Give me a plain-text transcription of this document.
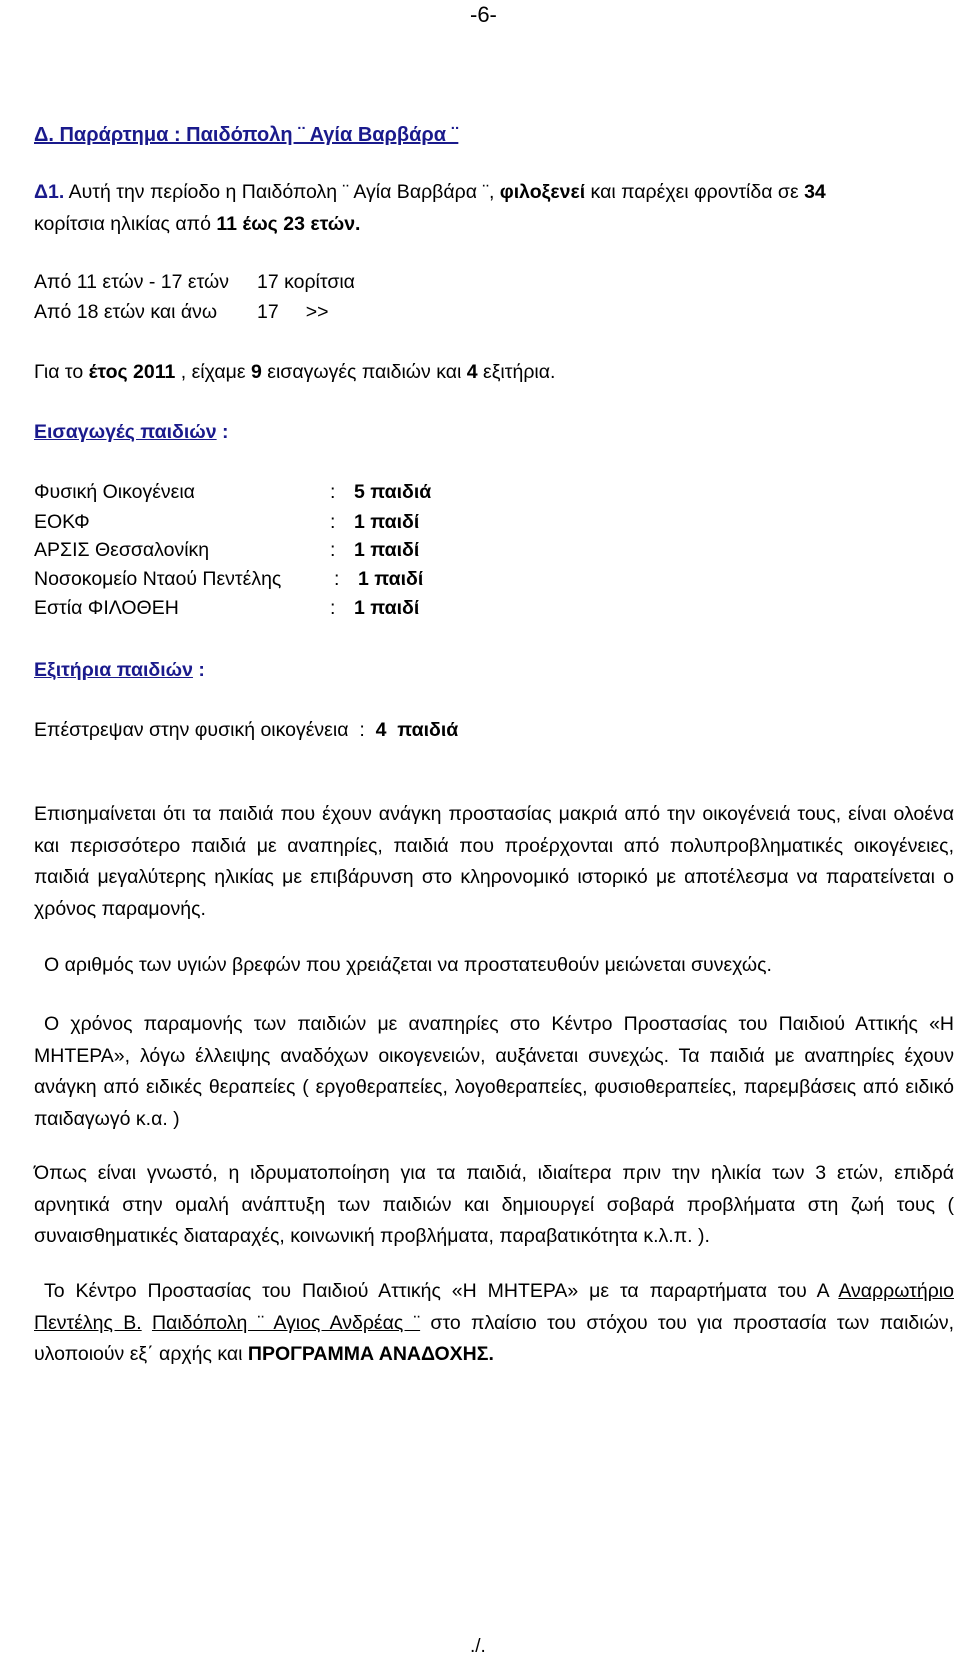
-6-
Δ. Παράρτημα : Παιδόπολη ¨ Αγία Βαρβάρα ¨
Δ1. Αυτή την περίοδο η Παιδόπολη ¨ Αγία Βαρβάρα ¨, φιλοξενεί και παρέχει φροντίδα σε 34
κορίτσια ηλικίας από 11 έως 23 ετών.
Από 11 ετών - 17 ετών 17 κορίτσια
Από 18 ετών και άνω 17     >>
Για το έτος 2011 , είχαμε 9 εισαγωγές παιδιών και 4 εξιτήρια.
Εισαγωγές παιδιών :
Φυσική Οικογένεια	: 5 παιδιά
ΕΟΚΦ	: 1 παιδί
ΑΡΣΙΣ Θεσσαλονίκη	: 1 παιδί
Νοσοκομείο Νταού Πεντέλης	: 1 παιδί
Εστία ΦΙΛΟΘΕΗ	: 1 παιδί
Εξιτήρια παιδιών :
Επέστρεψαν στην φυσική οικογένεια  :  4  παιδιά
Επισημαίνεται ότι τα παιδιά που έχουν ανάγκη προστασίας μακριά από την οικογένειά τους, είναι ολοένα και περισσότερο παιδιά με αναπηρίες, παιδιά που προέρχονται από πολυπροβληματικές οικογένειες, παιδιά μεγαλύτερης ηλικίας με επιβάρυνση στο κληρονομικό ιστορικό με αποτέλεσμα να παρατείνεται ο χρόνος παραμονής.
Ο αριθμός των υγιών βρεφών που χρειάζεται να προστατευθούν μειώνεται συνεχώς.
Ο χρόνος παραμονής των παιδιών με αναπηρίες στο Κέντρο Προστασίας του Παιδιού Αττικής «Η ΜΗΤΕΡΑ», λόγω έλλειψης αναδόχων οικογενειών, αυξάνεται συνεχώς. Τα παιδιά με αναπηρίες έχουν ανάγκη από ειδικές θεραπείες ( εργοθεραπείες, λογοθεραπείες, φυσιοθεραπείες, παρεμβάσεις από ειδικό παιδαγωγό κ.α. )
Όπως είναι γνωστό, η ιδρυματοποίηση για τα παιδιά, ιδιαίτερα πριν την ηλικία των 3 ετών, επιδρά αρνητικά στην ομαλή ανάπτυξη των παιδιών και δημιουργεί σοβαρά προβλήματα στη ζωή τους ( συναισθηματικές διαταραχές, κοινωνική προβλήματα, παραβατικότητα κ.λ.π. ).
Το Κέντρο Προστασίας του Παιδιού Αττικής «Η ΜΗΤΕΡΑ» με τα παραρτήματα του Α Αναρρωτήριο Πεντέλης Β. Παιδόπολη ¨ Αγιος Ανδρέας ¨ στο πλαίσιο του στόχου του για προστασία των παιδιών, υλοποιούν εξ΄ αρχής και ΠΡΟΓΡΑΜΜΑ ΑΝΑΔΟΧΗΣ.
./.
